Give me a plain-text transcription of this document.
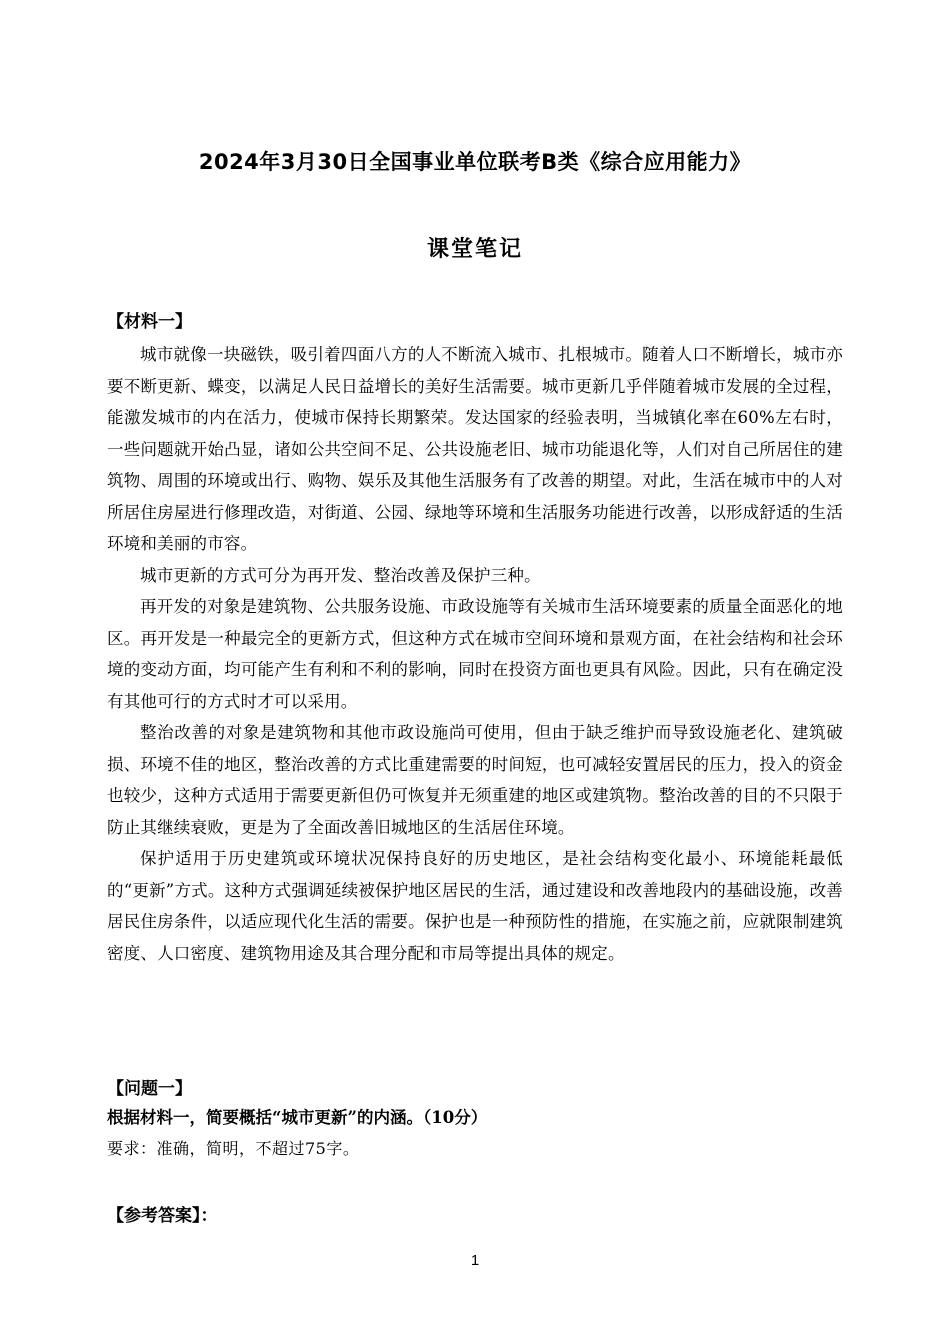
2024年3月30日全国事业单位联考B类《综合应用能力》
课堂笔记
【材料一】

城市就像一块磁铁，吸引着四面八方的人不断流入城市、扎根城市。随着人口不断增长，城市亦要不断更新、蝶变，以满足人民日益增长的美好生活需要。城市更新几乎伴随着城市发展的全过程，能激发城市的内在活力，使城市保持长期繁荣。发达国家的经验表明，当城镇化率在60%左右时，一些问题就开始凸显，诸如公共空间不足、公共设施老旧、城市功能退化等，人们对自己所居住的建筑物、周围的环境或出行、购物、娱乐及其他生活服务有了改善的期望。对此，生活在城市中的人对所居住房屋进行修理改造，对街道、公园、绿地等环境和生活服务功能进行改善，以形成舒适的生活环境和美丽的市容。

城市更新的方式可分为再开发、整治改善及保护三种。

再开发的对象是建筑物、公共服务设施、市政设施等有关城市生活环境要素的质量全面恶化的地区。再开发是一种最完全的更新方式，但这种方式在城市空间环境和景观方面，在社会结构和社会环境的变动方面，均可能产生有利和不利的影响，同时在投资方面也更具有风险。因此，只有在确定没有其他可行的方式时才可以采用。

整治改善的对象是建筑物和其他市政设施尚可使用，但由于缺乏维护而导致设施老化、建筑破损、环境不佳的地区，整治改善的方式比重建需要的时间短，也可减轻安置居民的压力，投入的资金也较少，这种方式适用于需要更新但仍可恢复并无须重建的地区或建筑物。整治改善的目的不只限于防止其继续衰败，更是为了全面改善旧城地区的生活居住环境。

保护适用于历史建筑或环境状况保持良好的历史地区，是社会结构变化最小、环境能耗最低的“更新”方式。这种方式强调延续被保护地区居民的生活，通过建设和改善地段内的基础设施，改善居民住房条件，以适应现代化生活的需要。保护也是一种预防性的措施，在实施之前，应就限制建筑密度、人口密度、建筑物用途及其合理分配和市局等提出具体的规定。

【问题一】
根据材料一，简要概括“城市更新”的内涵。（10分）
要求：准确，简明，不超过75字。
【参考答案】：
1
